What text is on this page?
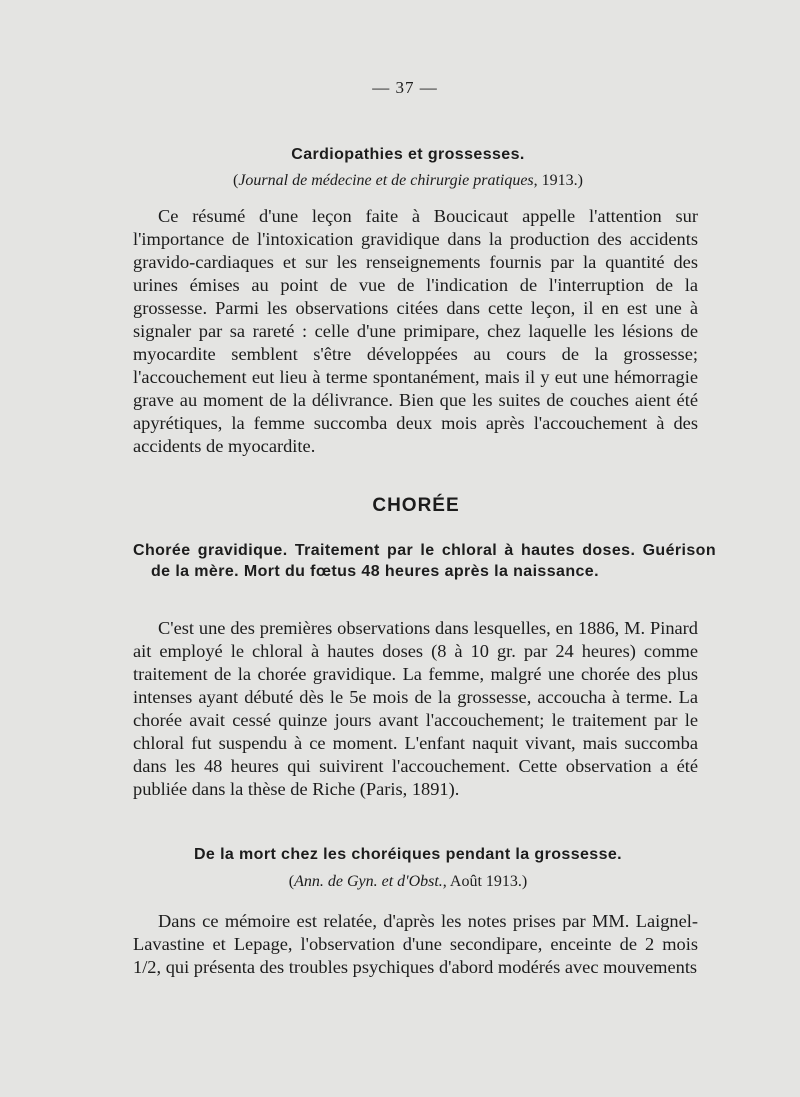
— 37 —
Cardiopathies et grossesses.
(Journal de médecine et de chirurgie pratiques, 1913.)

Ce résumé d'une leçon faite à Boucicaut appelle l'attention sur l'importance de l'intoxication gravidique dans la production des accidents gravido-cardiaques et sur les renseignements fournis par la quantité des urines émises au point de vue de l'indication de l'interruption de la grossesse. Parmi les observations citées dans cette leçon, il en est une à signaler par sa rareté : celle d'une primipare, chez laquelle les lésions de myocardite semblent s'être développées au cours de la grossesse; l'accouchement eut lieu à terme spontanément, mais il y eut une hémorragie grave au moment de la délivrance. Bien que les suites de couches aient été apyrétiques, la femme succomba deux mois après l'accouchement à des accidents de myocardite.

CHORÉE

Chorée gravidique. Traitement par le chloral à hautes doses. Guérison de la mère. Mort du fœtus 48 heures après la naissance.

C'est une des premières observations dans lesquelles, en 1886, M. Pinard ait employé le chloral à hautes doses (8 à 10 gr. par 24 heures) comme traitement de la chorée gravidique. La femme, malgré une chorée des plus intenses ayant débuté dès le 5e mois de la grossesse, accoucha à terme. La chorée avait cessé quinze jours avant l'accouchement; le traitement par le chloral fut suspendu à ce moment. L'enfant naquit vivant, mais succomba dans les 48 heures qui suivirent l'accouchement. Cette observation a été publiée dans la thèse de Riche (Paris, 1891).

De la mort chez les choréiques pendant la grossesse.
(Ann. de Gyn. et d'Obst., Août 1913.)

Dans ce mémoire est relatée, d'après les notes prises par MM. Laignel-Lavastine et Lepage, l'observation d'une secondipare, enceinte de 2 mois 1/2, qui présenta des troubles psychiques d'abord modérés avec mouvements
